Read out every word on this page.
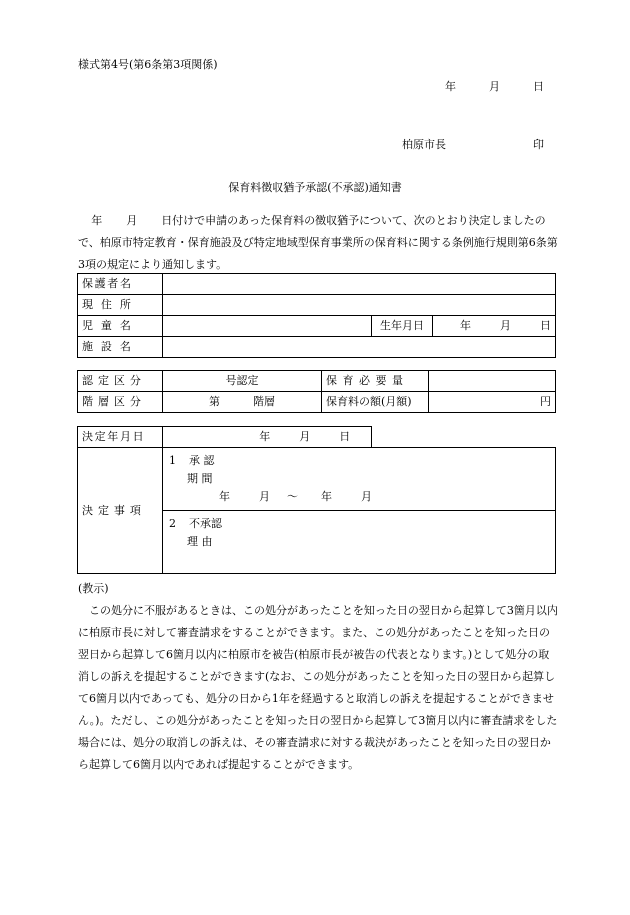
様式第4号(第6条第3項関係)
年	月	日
柏原市長	印
保育料徴収猶予承認(不承認)通知書
年 月 日付けで申請のあった保育料の徴収猶予について、次のとおり決定しましたので、柏原市特定教育・保育施設及び特定地域型保育事業所の保育料に関する条例施行規則第6条第3項の規定により通知します。
保護者名			
現住所			
児童名		生年月日	年 月 日
施設名			
認定区分	号認定	保育必要量	
階層区分	第 階層	保育料の額(月額)	円
決定年月日	年	月	日
決定事項	
1 承 認
期 間
年	月 ～ 年	月

2 不承認
理 由
(教示)
この処分に不服があるときは、この処分があったことを知った日の翌日から起算して3箇月以内に柏原市長に対して審査請求をすることができます。また、この処分があったことを知った日の翌日から起算して6箇月以内に柏原市を被告(柏原市長が被告の代表となります。)として処分の取消しの訴えを提起することができます(なお、この処分があったことを知った日の翌日から起算して6箇月以内であっても、処分の日から1年を経過すると取消しの訴えを提起することができません。)。ただし、この処分があったことを知った日の翌日から起算して3箇月以内に審査請求をした場合には、処分の取消しの訴えは、その審査請求に対する裁決があったことを知った日の翌日から起算して6箇月以内であれば提起することができます。
